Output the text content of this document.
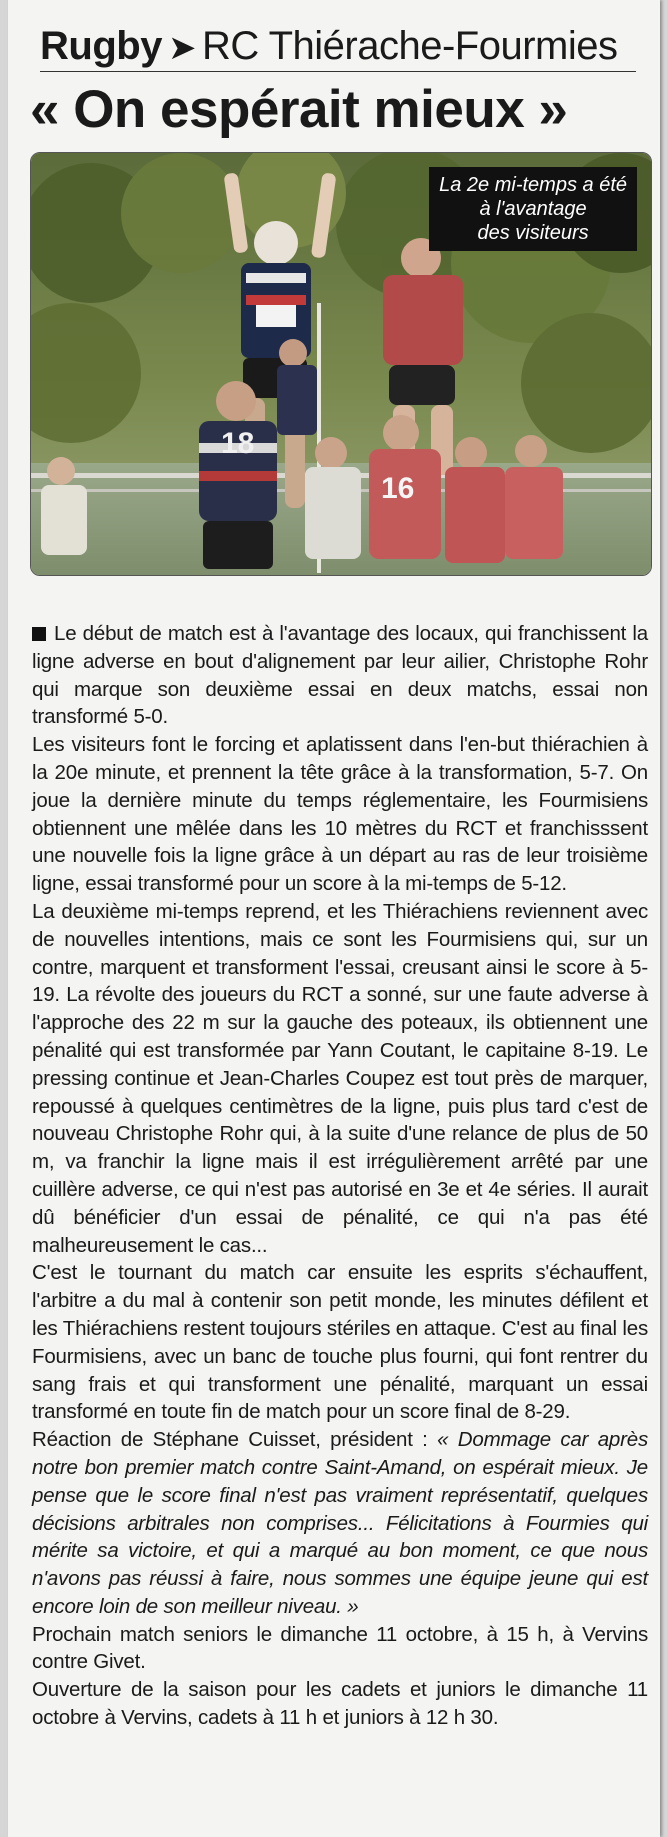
Rugby ➤ RC Thiérache-Fourmies
« On espérait mieux »
18
16
La 2e mi-temps a été
à l'avantage
des visiteurs

Le début de match est à l'avantage des locaux, qui franchissent la ligne adverse en bout d'alignement par leur ailier, Christophe Rohr qui marque son deuxième essai en deux matchs, essai non transformé 5-0.

Les visiteurs font le forcing et aplatissent dans l'en-but thiérachien à la 20e minute, et prennent la tête grâce à la transformation, 5-7. On joue la dernière minute du temps réglementaire, les Fourmisiens obtiennent une mêlée dans les 10 mètres du RCT et franchisssent une nouvelle fois la ligne grâce à un départ au ras de leur troisième ligne, essai transformé pour un score à la mi-temps de 5-12.

La deuxième mi-temps reprend, et les Thiérachiens reviennent avec de nouvelles intentions, mais ce sont les Fourmisiens qui, sur un contre, marquent et transforment l'essai, creusant ainsi le score à 5-19. La révolte des joueurs du RCT a sonné, sur une faute adverse à l'approche des 22 m sur la gauche des poteaux, ils obtiennent une pénalité qui est transformée par Yann Coutant, le capitaine 8-19. Le pressing continue et Jean-Charles Coupez est tout près de marquer, repoussé à quelques centimètres de la ligne, puis plus tard c'est de nouveau Christophe Rohr qui, à la suite d'une relance de plus de 50 m, va franchir la ligne mais il est irrégulièrement arrêté par une cuillère adverse, ce qui n'est pas autorisé en 3e et 4e séries. Il aurait dû bénéficier d'un essai de pénalité, ce qui n'a pas été malheureusement le cas...

C'est le tournant du match car ensuite les esprits s'échauffent, l'arbitre a du mal à contenir son petit monde, les minutes défilent et les Thiérachiens restent toujours stériles en attaque. C'est au final les Fourmisiens, avec un banc de touche plus fourni, qui font rentrer du sang frais et qui transforment une pénalité, marquant un essai transformé en toute fin de match pour un score final de 8-29.

Réaction de Stéphane Cuisset, président : « Dommage car après notre bon premier match contre Saint-Amand, on espérait mieux. Je pense que le score final n'est pas vraiment représentatif, quelques décisions arbitrales non comprises... Félicitations à Fourmies qui mérite sa victoire, et qui a marqué au bon moment, ce que nous n'avons pas réussi à faire, nous sommes une équipe jeune qui est encore loin de son meilleur niveau. »

Prochain match seniors le dimanche 11 octobre, à 15 h, à Vervins contre Givet.

Ouverture de la saison pour les cadets et juniors le dimanche 11 octobre à Vervins, cadets à 11 h et juniors à 12 h 30.
